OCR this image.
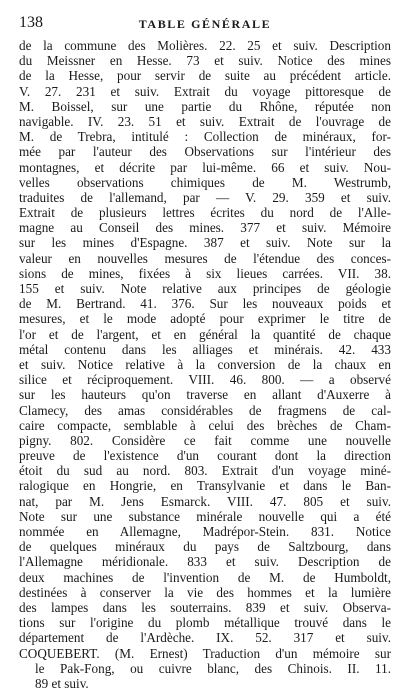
138	TABLE GÉNÉRALE
de la commune des Molières. 22. 25 et suiv. Description
du Meissner en Hesse. 73 et suiv. Notice des mines
de la Hesse, pour servir de suite au précédent article.
V. 27. 231 et suiv. Extrait du voyage pittoresque de
M. Boissel, sur une partie du Rhône, réputée non
navigable. IV. 23. 51 et suiv. Extrait de l'ouvrage de
M. de Trebra, intitulé : Collection de minéraux, for-
mée par l'auteur des Observations sur l'intérieur des
montagnes, et décrite par lui-même. 66 et suiv. Nou-
velles observations chimiques de M. Westrumb,
traduites de l'allemand, par — V. 29. 359 et suiv.
Extrait de plusieurs lettres écrites du nord de l'Alle-
magne au Conseil des mines. 377 et suiv. Mémoire
sur les mines d'Espagne. 387 et suiv. Note sur la
valeur en nouvelles mesures de l'étendue des conces-
sions de mines, fixées à six lieues carrées. VII. 38.
155 et suiv. Note relative aux principes de géologie
de M. Bertrand. 41. 376. Sur les nouveaux poids et
mesures, et le mode adopté pour exprimer le titre de
l'or et de l'argent, et en général la quantité de chaque
métal contenu dans les alliages et minérais. 42. 433
et suiv. Notice relative à la conversion de la chaux en
silice et réciproquement. VIII. 46. 800. — a observé
sur les hauteurs qu'on traverse en allant d'Auxerre à
Clamecy, des amas considérables de fragmens de cal-
caire compacte, semblable à celui des brèches de Cham-
pigny. 802. Considère ce fait comme une nouvelle
preuve de l'existence d'un courant dont la direction
étoit du sud au nord. 803. Extrait d'un voyage miné-
ralogique en Hongrie, en Transylvanie et dans le Ban-
nat, par M. Jens Esmarck. VIII. 47. 805 et suiv.
Note sur une substance minérale nouvelle qui a été
nommée en Allemagne, Madrépor-Stein. 831. Notice
de quelques minéraux du pays de Saltzbourg, dans
l'Allemagne méridionale. 833 et suiv. Description de
deux machines de l'invention de M. de Humboldt,
destinées à conserver la vie des hommes et la lumière
des lampes dans les souterrains. 839 et suiv. Observa-
tions sur l'origine du plomb métallique trouvé dans le
département de l'Ardèche. IX. 52. 317 et suiv.
COQUEBERT. (M. Ernest) Traduction d'un mémoire sur
le Pak-Fong, ou cuivre blanc, des Chinois. II. 11.
89 et suiv.
